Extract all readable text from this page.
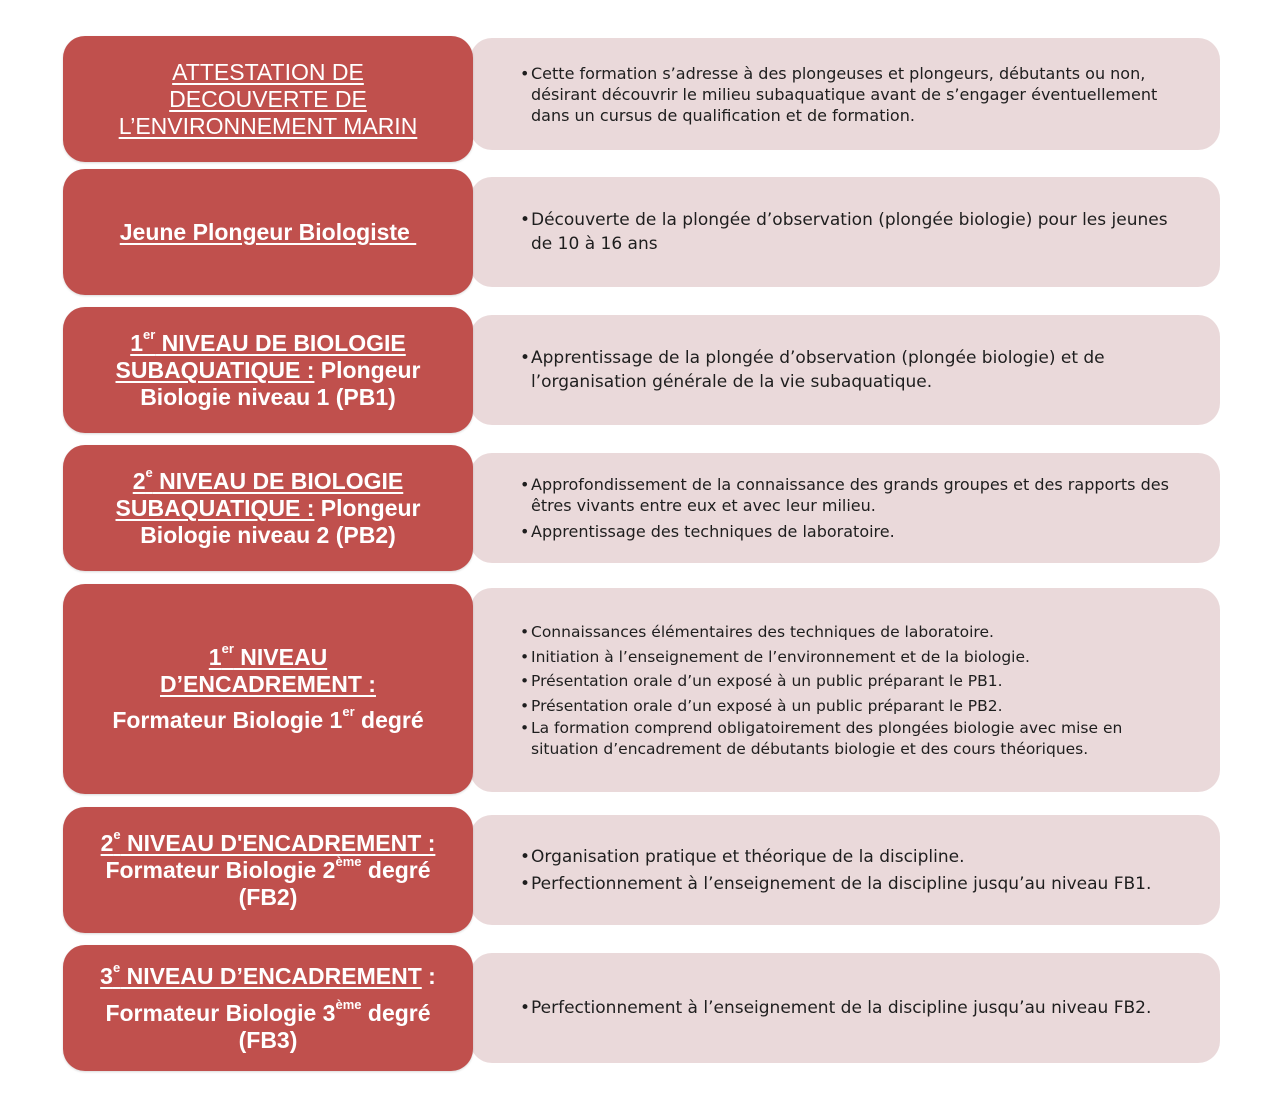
• Cette formation s’adresse à des plongeuses et plongeurs, débutants ou non, désirant découvrir le milieu subaquatique avant de s’engager éventuellement dans un cursus de qualification et de formation.
ATTESTATION DE
DECOUVERTE DE
L’ENVIRONNEMENT MARIN
• Découverte de la plongée d’observation (plongée biologie) pour les jeunes de 10 à 16 ans
Jeune Plongeur Biologiste
• Apprentissage de la plongée d’observation (plongée biologie) et de l’organisation générale de la vie subaquatique.
1er NIVEAU DE BIOLOGIE
SUBAQUATIQUE : Plongeur
Biologie niveau 1 (PB1)
• Approfondissement de la connaissance des grands groupes et des rapports des êtres vivants entre eux et avec leur milieu.
• Apprentissage des techniques de laboratoire.
2e NIVEAU DE BIOLOGIE
SUBAQUATIQUE : Plongeur
Biologie niveau 2 (PB2)
• Connaissances élémentaires des techniques de laboratoire.
• Initiation à l’enseignement de l’environnement et de la biologie.
• Présentation orale d’un exposé à un public préparant le PB1.
• Présentation orale d’un exposé à un public préparant le PB2.
• La formation comprend obligatoirement des plongées biologie avec mise en situation d’encadrement de débutants biologie et des cours théoriques.
1er NIVEAU
D’ENCADREMENT :
Formateur Biologie 1er degré
• Organisation pratique et théorique de la discipline.
• Perfectionnement à l’enseignement de la discipline jusqu’au niveau FB1.
2e NIVEAU D'ENCADREMENT :
Formateur Biologie 2ème degré
(FB2)
• Perfectionnement à l’enseignement de la discipline jusqu’au niveau FB2.
3e NIVEAU D’ENCADREMENT :
Formateur Biologie 3ème degré
(FB3)
